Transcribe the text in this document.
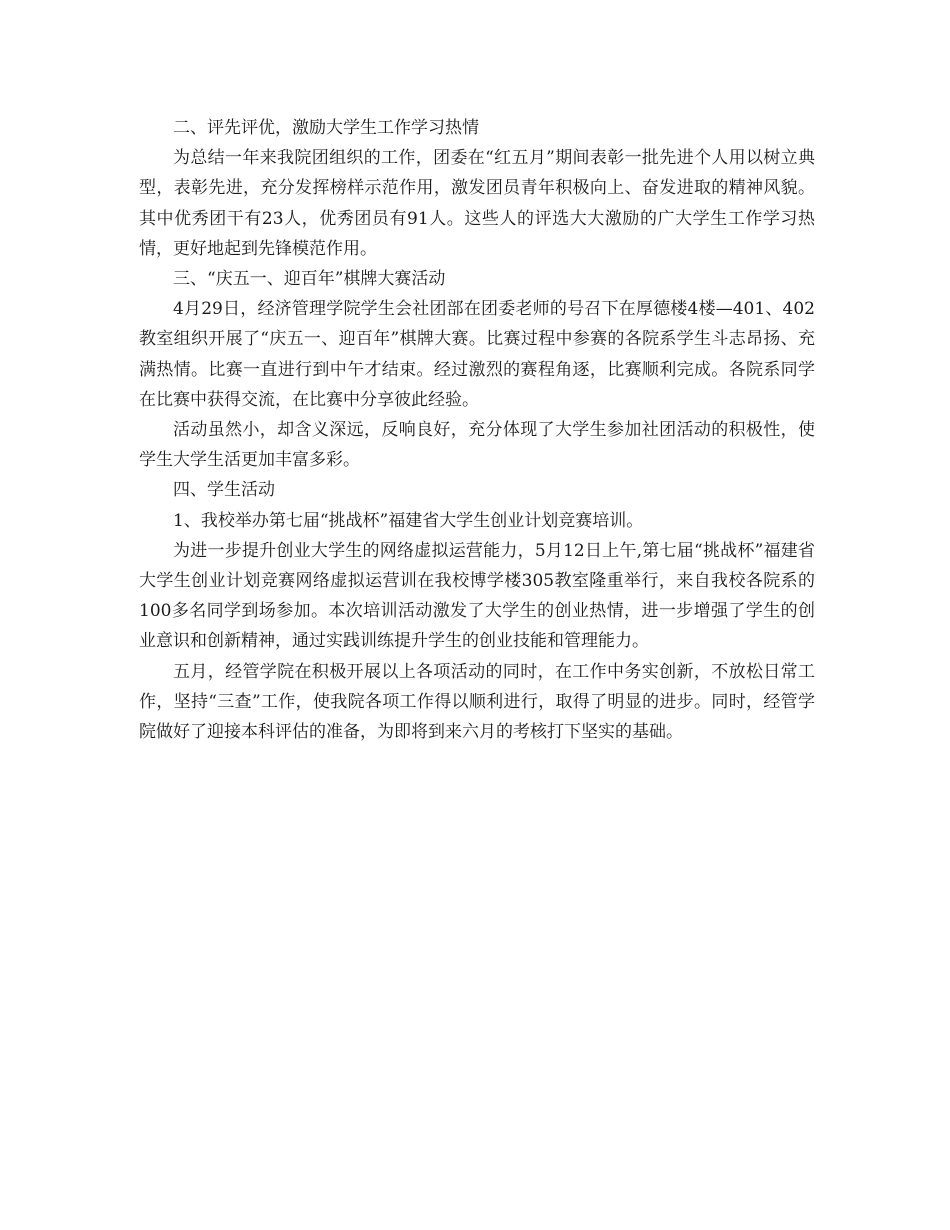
二、评先评优，激励大学生工作学习热情

为总结一年来我院团组织的工作，团委在“红五月”期间表彰一批先进个人用以树立典型，表彰先进，充分发挥榜样示范作用，激发团员青年积极向上、奋发进取的精神风貌。其中优秀团干有23人，优秀团员有91人。这些人的评选大大激励的广大学生工作学习热情，更好地起到先锋模范作用。

三、“庆五一、迎百年”棋牌大赛活动

4月29日，经济管理学院学生会社团部在团委老师的号召下在厚德楼4楼—401、402教室组织开展了“庆五一、迎百年”棋牌大赛。比赛过程中参赛的各院系学生斗志昂扬、充满热情。比赛一直进行到中午才结束。经过激烈的赛程角逐，比赛顺利完成。各院系同学在比赛中获得交流，在比赛中分享彼此经验。

活动虽然小，却含义深远，反响良好，充分体现了大学生参加社团活动的积极性，使学生大学生活更加丰富多彩。

四、学生活动

1、我校举办第七届“挑战杯”福建省大学生创业计划竞赛培训。

为进一步提升创业大学生的网络虚拟运营能力，5月12日上午,第七届“挑战杯”福建省大学生创业计划竞赛网络虚拟运营训在我校博学楼305教室隆重举行，来自我校各院系的100多名同学到场参加。本次培训活动激发了大学生的创业热情，进一步增强了学生的创业意识和创新精神，通过实践训练提升学生的创业技能和管理能力。

五月，经管学院在积极开展以上各项活动的同时，在工作中务实创新，不放松日常工作，坚持“三查”工作，使我院各项工作得以顺利进行，取得了明显的进步。同时，经管学院做好了迎接本科评估的准备，为即将到来六月的考核打下坚实的基础。
